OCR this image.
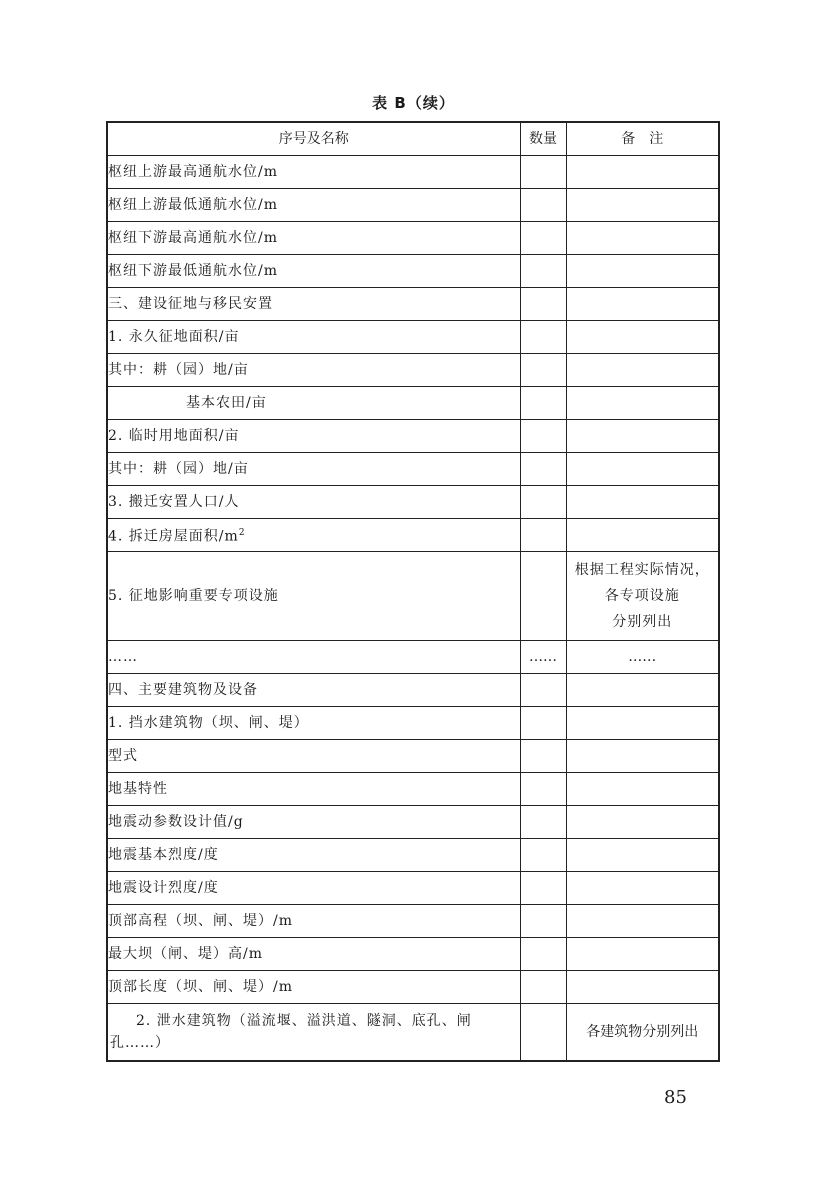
表 B（续）
序号及名称	数量	备　注
枢纽上游最高通航水位/m		
枢纽上游最低通航水位/m		
枢纽下游最高通航水位/m		
枢纽下游最低通航水位/m		
三、建设征地与移民安置		
1. 永久征地面积/亩		
其中：耕（园）地/亩		
基本农田/亩		
2. 临时用地面积/亩		
其中：耕（园）地/亩		
3. 搬迁安置人口/人		
4. 拆迁房屋面积$/m^2$		
5. 征地影响重要专项设施		根据工程实际情况，
各专项设施
分别列出

……	……	……
四、主要建筑物及设备		
1. 挡水建筑物（坝、闸、堤）		
型式		
地基特性		
地震动参数设计值/g		
地震基本烈度/度		
地震设计烈度/度		
顶部高程（坝、闸、堤）/m		
最大坝（闸、堤）高/m		
顶部长度（坝、闸、堤）/m		
2. 泄水建筑物（溢流堰、溢洪道、隧洞、底孔、闸孔……）		各建筑物分别列出
85
